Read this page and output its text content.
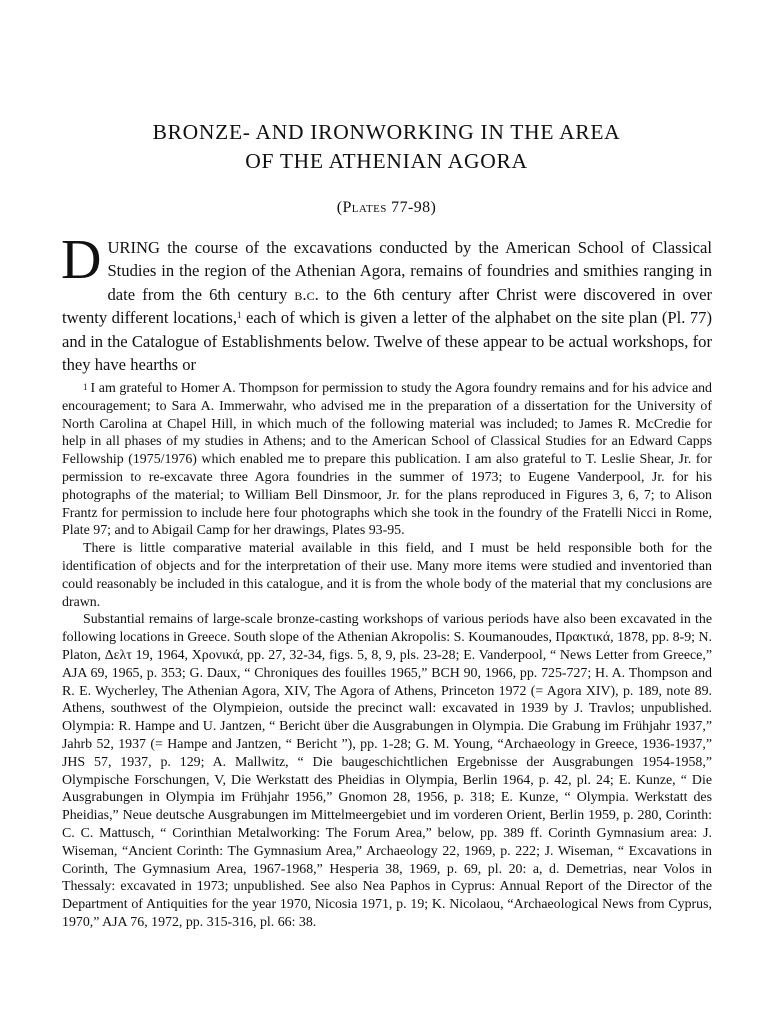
BRONZE- AND IRONWORKING IN THE AREA
OF THE ATHENIAN AGORA
(Plates 77-98)

DURING the course of the excavations conducted by the American School of Classical Studies in the region of the Athenian Agora, remains of foundries and smithies ranging in date from the 6th century b.c. to the 6th century after Christ were discovered in over twenty different locations,$^1$ each of which is given a letter of the alphabet on the site plan (Pl. 77) and in the Catalogue of Establishments below. Twelve of these appear to be actual workshops, for they have hearths or

$^1$ I am grateful to Homer A. Thompson for permission to study the Agora foundry remains and for his advice and encouragement; to Sara A. Immerwahr, who advised me in the preparation of a dissertation for the University of North Carolina at Chapel Hill, in which much of the following material was included; to James R. McCredie for help in all phases of my studies in Athens; and to the American School of Classical Studies for an Edward Capps Fellowship (1975/1976) which enabled me to prepare this publication. I am also grateful to T. Leslie Shear, Jr. for permission to re-excavate three Agora foundries in the summer of 1973; to Eugene Vanderpool, Jr. for his photographs of the material; to William Bell Dinsmoor, Jr. for the plans reproduced in Figures 3, 6, 7; to Alison Frantz for permission to include here four photographs which she took in the foundry of the Fratelli Nicci in Rome, Plate 97; and to Abigail Camp for her drawings, Plates 93-95.

There is little comparative material available in this field, and I must be held responsible both for the identification of objects and for the interpretation of their use. Many more items were studied and inventoried than could reasonably be included in this catalogue, and it is from the whole body of the material that my conclusions are drawn.

Substantial remains of large-scale bronze-casting workshops of various periods have also been excavated in the following locations in Greece. South slope of the Athenian Akropolis: S. Koumanoudes, Πρακτικά, 1878, pp. 8-9; N. Platon, Δελτ 19, 1964, Χρονικά, pp. 27, 32-34, figs. 5, 8, 9, pls. 23-28; E. Vanderpool, “ News Letter from Greece,” AJA 69, 1965, p. 353; G. Daux, “ Chroniques des fouilles 1965,” BCH 90, 1966, pp. 725-727; H. A. Thompson and R. E. Wycherley, The Athenian Agora, XIV, The Agora of Athens, Princeton 1972 (= Agora XIV), p. 189, note 89. Athens, southwest of the Olympieion, outside the precinct wall: excavated in 1939 by J. Travlos; unpublished. Olympia: R. Hampe and U. Jantzen, “ Bericht über die Ausgrabungen in Olympia. Die Grabung im Frühjahr 1937,” Jahrb 52, 1937 (= Hampe and Jantzen, “ Bericht ”), pp. 1-28; G. M. Young, “Archaeology in Greece, 1936-1937,” JHS 57, 1937, p. 129; A. Mallwitz, “ Die baugeschichtlichen Ergebnisse der Ausgrabungen 1954-1958,” Olympische Forschungen, V, Die Werkstatt des Pheidias in Olympia, Berlin 1964, p. 42, pl. 24; E. Kunze, “ Die Ausgrabungen in Olympia im Frühjahr 1956,” Gnomon 28, 1956, p. 318; E. Kunze, “ Olympia. Werkstatt des Pheidias,” Neue deutsche Ausgrabungen im Mittelmeergebiet und im vorderen Orient, Berlin 1959, p. 280, Corinth: C. C. Mattusch, “ Corinthian Metalworking: The Forum Area,” below, pp. 389 ff. Corinth Gymnasium area: J. Wiseman, “Ancient Corinth: The Gymnasium Area,” Archaeology 22, 1969, p. 222; J. Wiseman, “ Excavations in Corinth, The Gymnasium Area, 1967-1968,” Hesperia 38, 1969, p. 69, pl. 20: a, d. Demetrias, near Volos in Thessaly: excavated in 1973; unpublished. See also Nea Paphos in Cyprus: Annual Report of the Director of the Department of Antiquities for the year 1970, Nicosia 1971, p. 19; K. Nicolaou, “Archaeological News from Cyprus, 1970,” AJA 76, 1972, pp. 315-316, pl. 66: 38.
